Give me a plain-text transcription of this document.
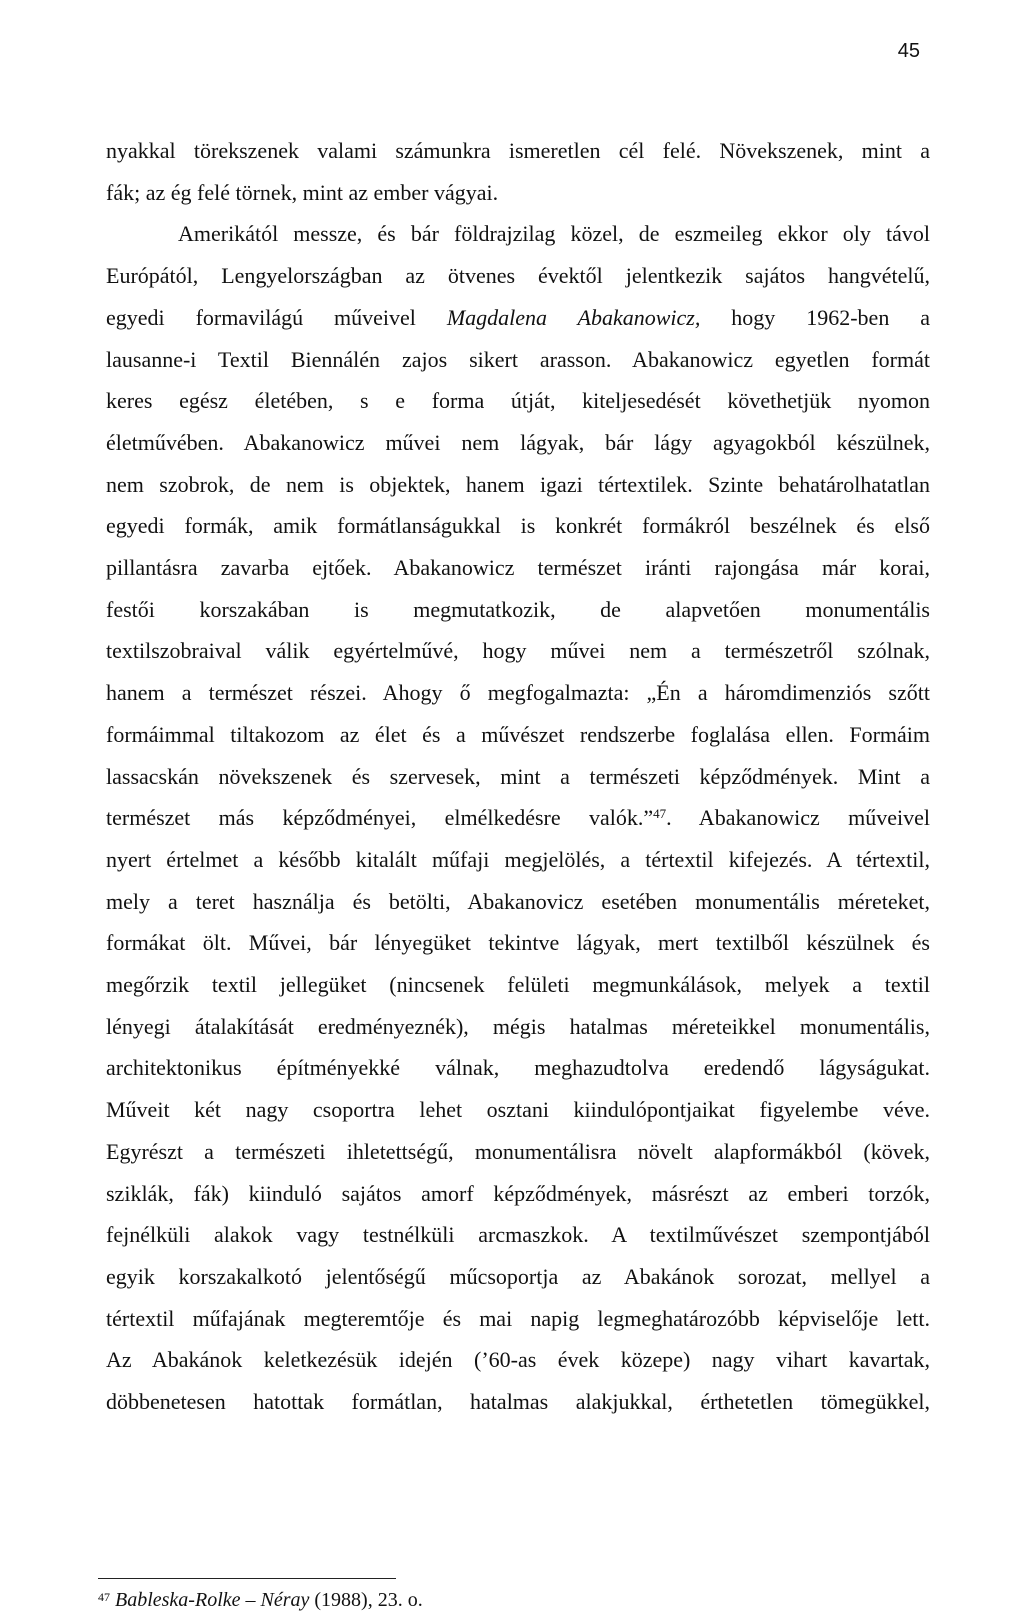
45
nyakkal törekszenek valami számunkra ismeretlen cél felé. Növekszenek, mint a
fák; az ég felé törnek, mint az ember vágyai.
Amerikától messze, és bár földrajzilag közel, de eszmeileg ekkor oly távol
Európától, Lengyelországban az ötvenes évektől jelentkezik sajátos hangvételű,
egyedi formavilágú műveivel Magdalena Abakanowicz, hogy 1962-ben a
lausanne-i Textil Biennálén zajos sikert arasson. Abakanowicz egyetlen formát
keres egész életében, s e forma útját, kiteljesedését követhetjük nyomon
életművében. Abakanowicz művei nem lágyak, bár lágy agyagokból készülnek,
nem szobrok, de nem is objektek, hanem igazi tértextilek. Szinte behatárolhatatlan
egyedi formák, amik formátlanságukkal is konkrét formákról beszélnek és első
pillantásra zavarba ejtőek. Abakanowicz természet iránti rajongása már korai,
festői korszakában is megmutatkozik, de alapvetően monumentális
textilszobraival válik egyértelművé, hogy művei nem a természetről szólnak,
hanem a természet részei. Ahogy ő megfogalmazta: „Én a háromdimenziós szőtt
formáimmal tiltakozom az élet és a művészet rendszerbe foglalása ellen. Formáim
lassacskán növekszenek és szervesek, mint a természeti képződmények. Mint a
természet más képződményei, elmélkedésre valók.”$^{47}$. Abakanowicz műveivel
nyert értelmet a később kitalált műfaji megjelölés, a tértextil kifejezés. A tértextil,
mely a teret használja és betölti, Abakanovicz esetében monumentális méreteket,
formákat ölt. Művei, bár lényegüket tekintve lágyak, mert textilből készülnek és
megőrzik textil jellegüket (nincsenek felületi megmunkálások, melyek a textil
lényegi átalakítását eredményeznék), mégis hatalmas méreteikkel monumentális,
architektonikus építményekké válnak, meghazudtolva eredendő lágyságukat.
Műveit két nagy csoportra lehet osztani kiindulópontjaikat figyelembe véve.
Egyrészt a természeti ihletettségű, monumentálisra növelt alapformákból (kövek,
sziklák, fák) kiinduló sajátos amorf képződmények, másrészt az emberi torzók,
fejnélküli alakok vagy testnélküli arcmaszkok. A textilművészet szempontjából
egyik korszakalkotó jelentőségű műcsoportja az Abakánok sorozat, mellyel a
tértextil műfajának megteremtője és mai napig legmeghatározóbb képviselője lett.
Az Abakánok keletkezésük idején (’60-as évek közepe) nagy vihart kavartak,
döbbenetesen hatottak formátlan, hatalmas alakjukkal, érthetetlen tömegükkel,
$^{47}$ Bableska-Rolke – Néray (1988), 23. o.
